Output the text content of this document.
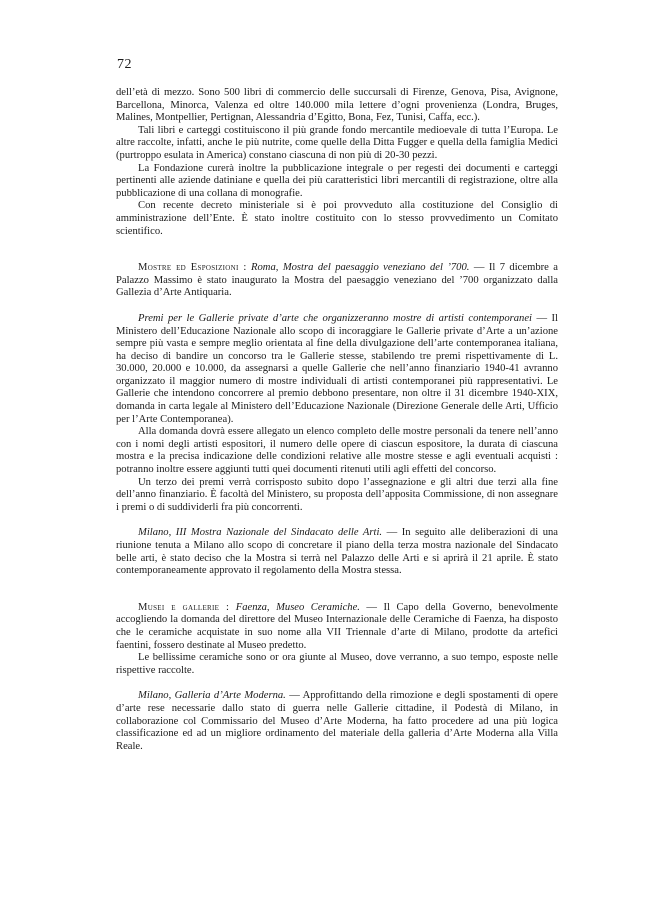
72

dell’età di mezzo. Sono 500 libri di commercio delle succursali di Firenze, Genova, Pisa, Avignone, Barcellona, Minorca, Valenza ed oltre 140.000 mila lettere d’ogni provenienza (Londra, Bruges, Malines, Montpellier, Pertignan, Alessandria d’Egitto, Bona, Fez, Tunisi, Caffa, ecc.).

Tali libri e carteggi costituiscono il più grande fondo mercantile medioevale di tutta l’Europa. Le altre raccolte, infatti, anche le più nutrite, come quelle della Ditta Fugger e quella della famiglia Medici (purtroppo esulata in America) constano ciascuna di non più di 20-30 pezzi.

La Fondazione curerà inoltre la pubblicazione integrale o per regesti dei documenti e carteggi pertinenti alle aziende datiniane e quella dei più caratteristici libri mercantili di registrazione, oltre alla pubblicazione di una collana di monografie.

Con recente decreto ministeriale si è poi provveduto alla costituzione del Consiglio di amministrazione dell’Ente. È stato inoltre costituito con lo stesso provvedimento un Comitato scientifico.

Mostre ed Esposizioni : Roma, Mostra del paesaggio veneziano del ’700. — Il 7 dicembre a Palazzo Massimo è stato inaugurato la Mostra del paesaggio veneziano del ’700 organizzato dalla Gallezia d’Arte Antiquaria.

Premi per le Gallerie private d’arte che organizzeranno mostre di artisti contemporanei — Il Ministero dell’Educazione Nazionale allo scopo di incoraggiare le Gallerie private d’Arte a un’azione sempre più vasta e sempre meglio orientata al fine della divulgazione dell’arte contemporanea italiana, ha deciso di bandire un concorso tra le Gallerie stesse, stabilendo tre premi rispettivamente di L. 30.000, 20.000 e 10.000, da assegnarsi a quelle Gallerie che nell’anno finanziario 1940-41 avranno organizzato il maggior numero di mostre individuali di artisti contemporanei più rappresentativi. Le Gallerie che intendono concorrere al premio debbono presentare, non oltre il 31 dicembre 1940-XIX, domanda in carta legale al Ministero dell’Educazione Nazionale (Direzione Generale delle Arti, Ufficio per l’Arte Contemporanea).

Alla domanda dovrà essere allegato un elenco completo delle mostre personali da tenere nell’anno con i nomi degli artisti espositori, il numero delle opere di ciascun espositore, la durata di ciascuna mostra e la precisa indicazione delle condizioni relative alle mostre stesse e agli eventuali acquisti : potranno inoltre essere aggiunti tutti quei documenti ritenuti utili agli effetti del concorso.

Un terzo dei premi verrà corrisposto subito dopo l’assegnazione e gli altri due terzi alla fine dell’anno finanziario. È facoltà del Ministero, su proposta dell’apposita Commissione, di non assegnare i premi o di suddividerli fra più concorrenti.

Milano, III Mostra Nazionale del Sindacato delle Arti. — In seguito alle deliberazioni di una riunione tenuta a Milano allo scopo di concretare il piano della terza mostra nazionale del Sindacato belle arti, è stato deciso che la Mostra si terrà nel Palazzo delle Arti e si aprirà il 21 aprile. È stato contemporaneamente approvato il regolamento della Mostra stessa.

Musei e gallerie : Faenza, Museo Ceramiche. — Il Capo della Governo, benevolmente accogliendo la domanda del direttore del Museo Internazionale delle Ceramiche di Faenza, ha disposto che le ceramiche acquistate in suo nome alla VII Triennale d’arte di Milano, prodotte da artefici faentini, fossero destinate al Museo predetto.

Le bellissime ceramiche sono or ora giunte al Museo, dove verranno, a suo tempo, esposte nelle rispettive raccolte.

Milano, Galleria d’Arte Moderna. — Approfittando della rimozione e degli spostamenti di opere d’arte rese necessarie dallo stato di guerra nelle Gallerie cittadine, il Podestà di Milano, in collaborazione col Commissario del Museo d’Arte Moderna, ha fatto procedere ad una più logica classificazione ed ad un migliore ordinamento del materiale della galleria d’Arte Moderna alla Villa Reale.
